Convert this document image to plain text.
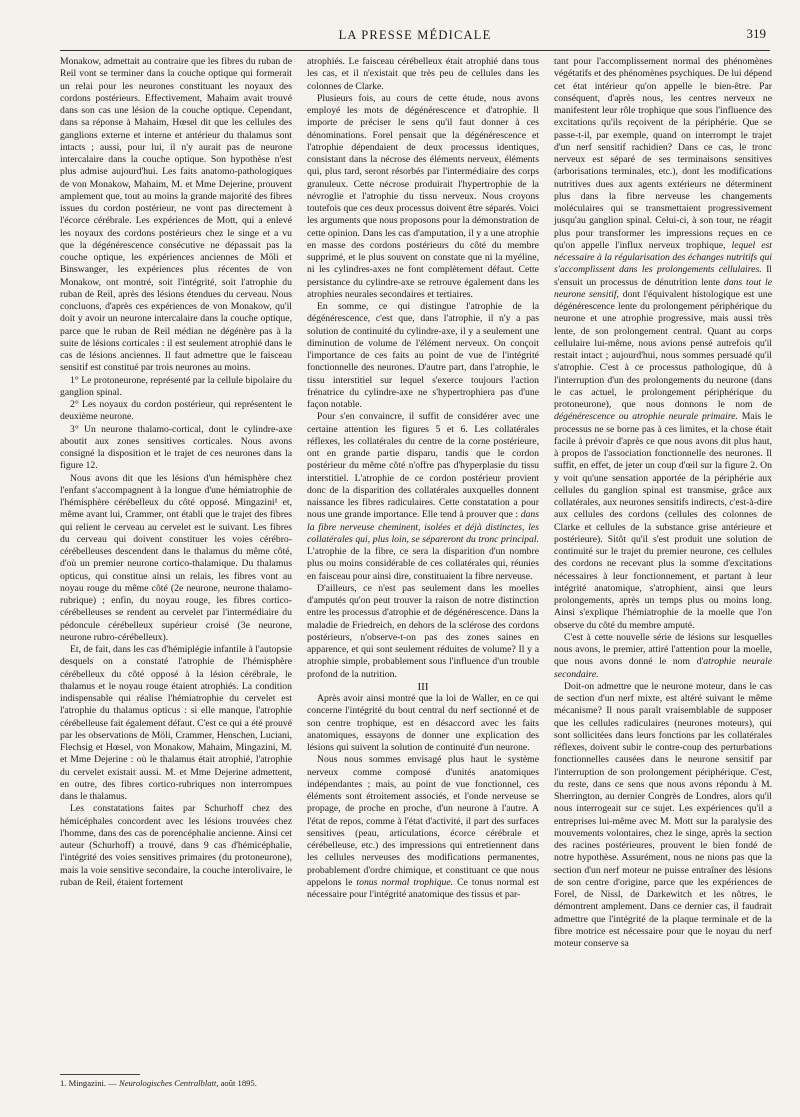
LA PRESSE MÉDICALE	319

Monakow, admettait au contraire que les fibres du ruban de Reil vont se terminer dans la couche optique qui formerait un relai pour les neurones constituant les noyaux des cordons postérieurs. Effectivement, Mahaim avait trouvé dans son cas une lésion de la couche optique. Cependant, dans sa réponse à Mahaim, Hœsel dit que les cellules des ganglions externe et interne et antérieur du thalamus sont intacts ; aussi, pour lui, il n'y aurait pas de neurone intercalaire dans la couche optique. Son hypothèse n'est plus admise aujourd'hui. Les faits anatomo-pathologiques de von Monakow, Mahaim, M. et Mme Dejerine, prouvent amplement que, tout au moins la grande majorité des fibres issues du cordon postérieur, ne vont pas directement à l'écorce cérébrale. Les expériences de Mott, qui a enlevé les noyaux des cordons postérieurs chez le singe et a vu que la dégénérescence consécutive ne dépassait pas la couche optique, les expériences anciennes de Möli et Binswanger, les expériences plus récentes de von Monakow, ont montré, soit l'intégrité, soit l'atrophie du ruban de Reil, après des lésions étendues du cerveau. Nous concluons, d'après ces expériences de von Monakow, qu'il doit y avoir un neurone intercalaire dans la couche optique, parce que le ruban de Reil médian ne dégénère pas à la suite de lésions corticales : il est seulement atrophié dans le cas de lésions anciennes. Il faut admettre que le faisceau sensitif est constitué par trois neurones au moins.

1° Le protoneurone, représenté par la cellule bipolaire du ganglion spinal.

2° Les noyaux du cordon postérieur, qui représentent le deuxième neurone.

3° Un neurone thalamo-cortical, dont le cylindre-axe aboutit aux zones sensitives corticales. Nous avons consigné la disposition et le trajet de ces neurones dans la figure 12.

Nous avons dit que les lésions d'un hémisphère chez l'enfant s'accompagnent à la longue d'une hémiatrophie de l'hémisphère cérébelleux du côté opposé. Mingazini¹ et, même avant lui, Crammer, ont établi que le trajet des fibres qui relient le cerveau au cervelet est le suivant. Les fibres du cerveau qui doivent constituer les voies cérébro-cérébelleuses descendent dans le thalamus du même côté, d'où un premier neurone cortico-thalamique. Du thalamus opticus, qui constitue ainsi un relais, les fibres vont au noyau rouge du même côté (2e neurone, neurone thalamo-rubrique) ; enfin, du noyau rouge, les fibres cortico-cérébelleuses se rendent au cervelet par l'intermédiaire du pédoncule cérébelleux supérieur croisé (3e neurone, neurone rubro-cérébelleux).

Et, de fait, dans les cas d'hémiplégie infantile à l'autopsie desquels on a constaté l'atrophie de l'hémisphère cérébelleux du côté opposé à la lésion cérébrale, le thalamus et le noyau rouge étaient atrophiés. La condition indispensable qui réalise l'hémiatrophie du cervelet est l'atrophie du thalamus opticus : si elle manque, l'atrophie cérébelleuse fait également défaut. C'est ce qui a été prouvé par les observations de Möli, Crammer, Henschen, Luciani, Flechsig et Hœsel, von Monakow, Mahaim, Mingazini, M. et Mme Dejerine : où le thalamus était atrophié, l'atrophie du cervelet existait aussi. M. et Mme Dejerine admettent, en outre, des fibres cortico-rubriques non interrompues dans le thalamus.

Les constatations faites par Schurhoff chez des hémicéphales concordent avec les lésions trouvées chez l'homme, dans des cas de porencéphalie ancienne. Ainsi cet auteur (Schurhoff) a trouvé, dans 9 cas d'hémicéphalie, l'intégrité des voies sensitives primaires (du protoneurone), mais la voie sensitive secondaire, la couche interolivaire, le ruban de Reil, étaient fortement

atrophiés. Le faisceau cérébelleux était atrophié dans tous les cas, et il n'existait que très peu de cellules dans les colonnes de Clarke.

Plusieurs fois, au cours de cette étude, nous avons employé les mots de dégénérescence et d'atrophie. Il importe de préciser le sens qu'il faut donner à ces dénominations. Forel pensait que la dégénérescence et l'atrophie dépendaient de deux processus identiques, consistant dans la nécrose des éléments nerveux, éléments qui, plus tard, seront résorbés par l'intermédiaire des corps granuleux. Cette nécrose produirait l'hypertrophie de la névroglie et l'atrophie du tissu nerveux. Nous croyons toutefois que ces deux processus doivent être séparés. Voici les arguments que nous proposons pour la démonstration de cette opinion. Dans les cas d'amputation, il y a une atrophie en masse des cordons postérieurs du côté du membre supprimé, et le plus souvent on constate que ni la myéline, ni les cylindres-axes ne font complètement défaut. Cette persistance du cylindre-axe se retrouve également dans les atrophies neurales secondaires et tertiaires.

En somme, ce qui distingue l'atrophie de la dégénérescence, c'est que, dans l'atrophie, il n'y a pas solution de continuité du cylindre-axe, il y a seulement une diminution de volume de l'élément nerveux. On conçoit l'importance de ces faits au point de vue de l'intégrité fonctionnelle des neurones. D'autre part, dans l'atrophie, le tissu interstitiel sur lequel s'exerce toujours l'action frénatrice du cylindre-axe ne s'hypertrophiera pas d'une façon notable.

Pour s'en convaincre, il suffit de considérer avec une certaine attention les figures 5 et 6. Les collatérales réflexes, les collatérales du centre de la corne postérieure, ont en grande partie disparu, tandis que le cordon postérieur du même côté n'offre pas d'hyperplasie du tissu interstitiel. L'atrophie de ce cordon postérieur provient donc de la disparition des collatérales auxquelles donnent naissance les fibres radiculaires. Cette constatation a pour nous une grande importance. Elle tend à prouver que : dans la fibre nerveuse cheminent, isolées et déjà distinctes, les collatérales qui, plus loin, se sépareront du tronc principal. L'atrophie de la fibre, ce sera la disparition d'un nombre plus ou moins considérable de ces collatérales qui, réunies en faisceau pour ainsi dire, constituaient la fibre nerveuse.

D'ailleurs, ce n'est pas seulement dans les moelles d'amputés qu'on peut trouver la raison de notre distinction entre les processus d'atrophie et de dégénérescence. Dans la maladie de Friedreich, en dehors de la sclérose des cordons postérieurs, n'observe-t-on pas des zones saines en apparence, et qui sont seulement réduites de volume? Il y a atrophie simple, probablement sous l'influence d'un trouble profond de la nutrition.

III

Après avoir ainsi montré que la loi de Waller, en ce qui concerne l'intégrité du bout central du nerf sectionné et de son centre trophique, est en désaccord avec les faits anatomiques, essayons de donner une explication des lésions qui suivent la solution de continuité d'un neurone.

Nous nous sommes envisagé plus haut le système nerveux comme composé d'unités anatomiques indépendantes ; mais, au point de vue fonctionnel, ces éléments sont étroitement associés, et l'onde nerveuse se propage, de proche en proche, d'un neurone à l'autre. A l'état de repos, comme à l'état d'activité, il part des surfaces sensitives (peau, articulations, écorce cérébrale et cérébelleuse, etc.) des impressions qui entretiennent dans les cellules nerveuses des modifications permanentes, probablement d'ordre chimique, et constituant ce que nous appelons le tonus normal trophique. Ce tonus normal est nécessaire pour l'intégrité anatomique des tissus et par-

tant pour l'accomplissement normal des phénomènes végétatifs et des phénomènes psychiques. De lui dépend cet état intérieur qu'on appelle le bien-être. Par conséquent, d'après nous, les centres nerveux ne manifestent leur rôle trophique que sous l'influence des excitations qu'ils reçoivent de la périphérie. Que se passe-t-il, par exemple, quand on interrompt le trajet d'un nerf sensitif rachidien? Dans ce cas, le tronc nerveux est séparé de ses terminaisons sensitives (arborisations terminales, etc.), dont les modifications nutritives dues aux agents extérieurs ne déterminent plus dans la fibre nerveuse les changements moléculaires qui se transmettaient progressivement jusqu'au ganglion spinal. Celui-ci, à son tour, ne réagit plus pour transformer les impressions reçues en ce qu'on appelle l'influx nerveux trophique, lequel est nécessaire à la régularisation des échanges nutritifs qui s'accomplissent dans les prolongements cellulaires. Il s'ensuit un processus de dénutrition lente dans tout le neurone sensitif, dont l'équivalent histologique est une dégénérescence lente du prolongement périphérique du neurone et une atrophie progressive, mais aussi très lente, de son prolongement central. Quant au corps cellulaire lui-même, nous avions pensé autrefois qu'il restait intact ; aujourd'hui, nous sommes persuadé qu'il s'atrophie. C'est à ce processus pathologique, dû à l'interruption d'un des prolongements du neurone (dans le cas actuel, le prolongement périphérique du protoneurone), que nous donnons le nom de dégénérescence ou atrophie neurale primaire. Mais le processus ne se borne pas à ces limites, et la chose était facile à prévoir d'après ce que nous avons dit plus haut, à propos de l'association fonctionnelle des neurones. Il suffit, en effet, de jeter un coup d'œil sur la figure 2. On y voit qu'une sensation apportée de la périphérie aux cellules du ganglion spinal est transmise, grâce aux collatérales, aux neurones sensitifs indirects, c'est-à-dire aux cellules des cordons (cellules des colonnes de Clarke et cellules de la substance grise antérieure et postérieure). Sitôt qu'il s'est produit une solution de continuité sur le trajet du premier neurone, ces cellules des cordons ne recevant plus la somme d'excitations nécessaires à leur fonctionnement, et partant à leur intégrité anatomique, s'atrophient, ainsi que leurs prolongements, après un temps plus ou moins long. Ainsi s'explique l'hémiatrophie de la moelle que l'on observe du côté du membre amputé.

C'est à cette nouvelle série de lésions sur lesquelles nous avons, le premier, attiré l'attention pour la moelle, que nous avons donné le nom d'atrophie neurale secondaire.

Doit-on admettre que le neurone moteur, dans le cas de section d'un nerf mixte, est altéré suivant le même mécanisme? Il nous paraît vraisemblable de supposer que les cellules radiculaires (neurones moteurs), qui sont sollicitées dans leurs fonctions par les collatérales réflexes, doivent subir le contre-coup des perturbations fonctionnelles causées dans le neurone sensitif par l'interruption de son prolongement périphérique. C'est, du reste, dans ce sens que nous avons répondu à M. Sherrington, au dernier Congrès de Londres, alors qu'il nous interrogeait sur ce sujet. Les expériences qu'il a entreprises lui-même avec M. Mott sur la paralysie des mouvements volontaires, chez le singe, après la section des racines postérieures, prouvent le bien fondé de notre hypothèse. Assurément, nous ne nions pas que la section d'un nerf moteur ne puisse entraîner des lésions de son centre d'origine, parce que les expériences de Forel, de Nissl, de Darkewitch et les nôtres, le démontrent amplement. Dans ce dernier cas, il faudrait admettre que l'intégrité de la plaque terminale et de la fibre motrice est nécessaire pour que le noyau du nerf moteur conserve sa

1. Mingazini. — Neurologisches Centralblatt, août 1895.
